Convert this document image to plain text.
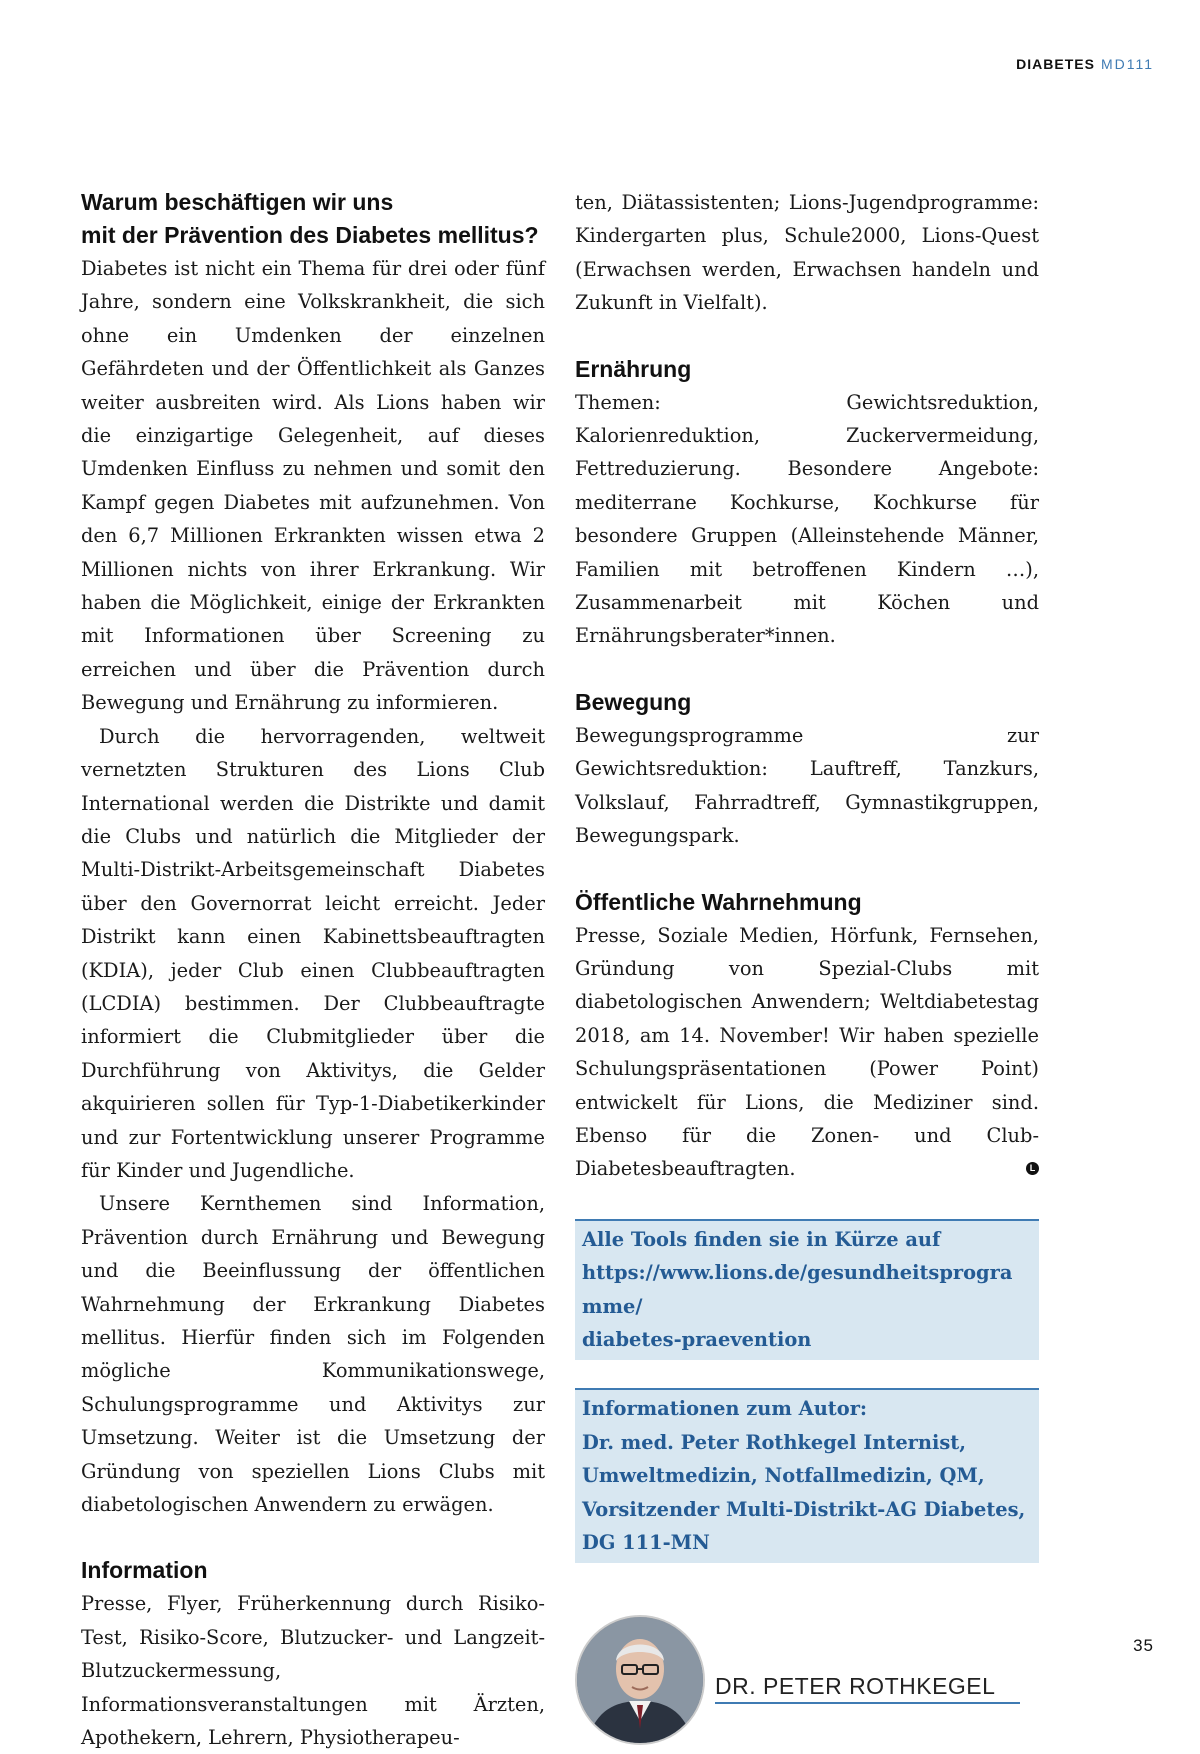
DIABETES MD111
Warum beschäftigen wir uns
mit der Prävention des Diabetes mellitus?

Diabetes ist nicht ein Thema für drei oder fünf Jahre, sondern eine Volkskrankheit, die sich ohne ein Umdenken der einzelnen Gefährdeten und der Öffentlichkeit als Ganzes weiter ausbreiten wird. Als Lions haben wir die einzigartige Gelegenheit, auf dieses Umdenken Einfluss zu nehmen und somit den Kampf gegen Diabetes mit aufzunehmen. Von den 6,7 Millionen Erkrankten wissen etwa 2 Millionen nichts von ihrer Erkrankung. Wir haben die Möglichkeit, einige der Erkrankten mit Informationen über Screening zu erreichen und über die Prävention durch Bewegung und Ernährung zu informieren.

Durch die hervorragenden, weltweit vernetzten Strukturen des Lions Club International werden die Distrikte und damit die Clubs und natürlich die Mitglieder der Multi-Distrikt-Arbeitsgemeinschaft Diabetes über den Governorrat leicht erreicht. Jeder Distrikt kann einen Kabinettsbeauftragten (KDIA), jeder Club einen Clubbeauftragten (LCDIA) bestimmen. Der Clubbeauftragte informiert die Clubmitglieder über die Durchführung von Aktivitys, die Gelder akquirieren sollen für Typ-1-Diabetikerkinder und zur Fortentwicklung unserer Programme für Kinder und Jugendliche.

Unsere Kernthemen sind Information, Prävention durch Ernährung und Bewegung und die Beeinflussung der öffentlichen Wahrnehmung der Erkrankung Diabetes mellitus. Hierfür finden sich im Folgenden mögliche Kommunikationswege, Schulungsprogramme und Aktivitys zur Umsetzung. Weiter ist die Umsetzung der Gründung von speziellen Lions Clubs mit diabetologischen Anwendern zu erwägen.

Information

Presse, Flyer, Früherkennung durch Risiko-Test, Risiko-Score, Blutzucker- und Langzeit-Blutzuckermessung, Informationsveranstaltungen mit Ärzten, Apothekern, Lehrern, Physiotherapeu-

ten, Diätassistenten; Lions-Jugendprogramme: Kindergarten plus, Schule2000, Lions-Quest (Erwachsen werden, Erwachsen handeln und Zukunft in Vielfalt).

Ernährung

Themen: Gewichtsreduktion, Kalorienreduktion, Zuckervermeidung, Fettreduzierung. Besondere Angebote: mediterrane Kochkurse, Kochkurse für besondere Gruppen (Alleinstehende Männer, Familien mit betroffenen Kindern …), Zusammenarbeit mit Köchen und Ernährungsberater*innen.

Bewegung

Bewegungsprogramme zur Gewichtsreduktion: Lauftreff, Tanzkurs, Volkslauf, Fahrradtreff, Gymnastikgruppen, Bewegungspark.

Öffentliche Wahrnehmung

Presse, Soziale Medien, Hörfunk, Fernsehen, Gründung von Spezial-Clubs mit diabetologischen Anwendern; Weltdiabetestag 2018, am 14. November! Wir haben spezielle Schulungspräsentationen (Power Point) entwickelt für Lions, die Mediziner sind. Ebenso für die Zonen- und Club-Diabetesbeauftragten.	L

Alle Tools finden sie in Kürze auf
https://www.lions.de/gesundheitsprogramme/
diabetes-praevention
Informationen zum Autor:
Dr. med. Peter Rothkegel Internist,
Umweltmedizin, Notfallmedizin, QM,
Vorsitzender Multi-Distrikt-AG Diabetes,
DG 111-MN
DR. PETER ROTHKEGEL
35
